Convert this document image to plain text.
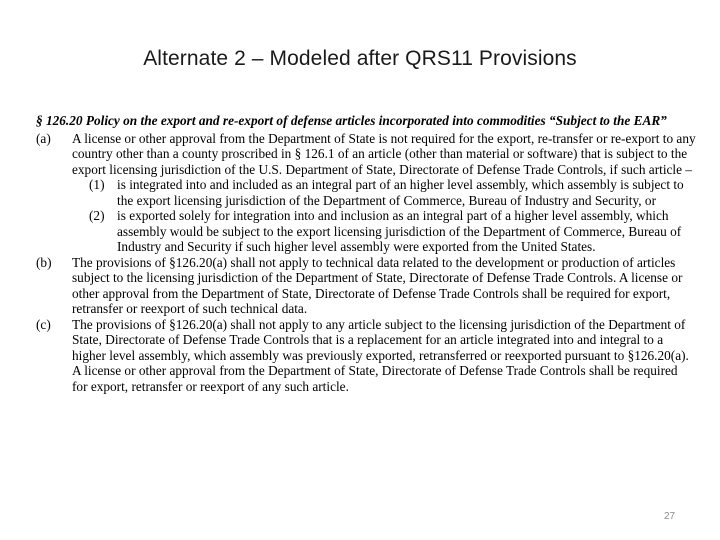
Alternate 2 – Modeled after QRS11 Provisions
§ 126.20 Policy on the export and re-export of defense articles incorporated into commodities “Subject to the EAR”
(a) A license or other approval from the Department of State is not required for the export, re-transfer or re-export to any country other than a county proscribed in § 126.1 of an article (other than material or software) that is subject to the export licensing jurisdiction of the U.S. Department of State, Directorate of Defense Trade Controls, if such article –
(1) is integrated into and included as an integral part of an higher level assembly, which assembly is subject to the export licensing jurisdiction of the Department of Commerce, Bureau of Industry and Security, or
(2) is exported solely for integration into and inclusion as an integral part of a higher level assembly, which assembly would be subject to the export licensing jurisdiction of the Department of Commerce, Bureau of Industry and Security if such higher level assembly were exported from the United States.
(b) The provisions of §126.20(a) shall not apply to technical data related to the development or production of articles subject to the licensing jurisdiction of the Department of State, Directorate of Defense Trade Controls. A license or other approval from the Department of State, Directorate of Defense Trade Controls shall be required for export, retransfer or reexport of such technical data.
(c) The provisions of §126.20(a) shall not apply to any article subject to the licensing jurisdiction of the Department of State, Directorate of Defense Trade Controls that is a replacement for an article integrated into and integral to a higher level assembly, which assembly was previously exported, retransferred or reexported pursuant to §126.20(a). A license or other approval from the Department of State, Directorate of Defense Trade Controls shall be required for export, retransfer or reexport of any such article.
27
